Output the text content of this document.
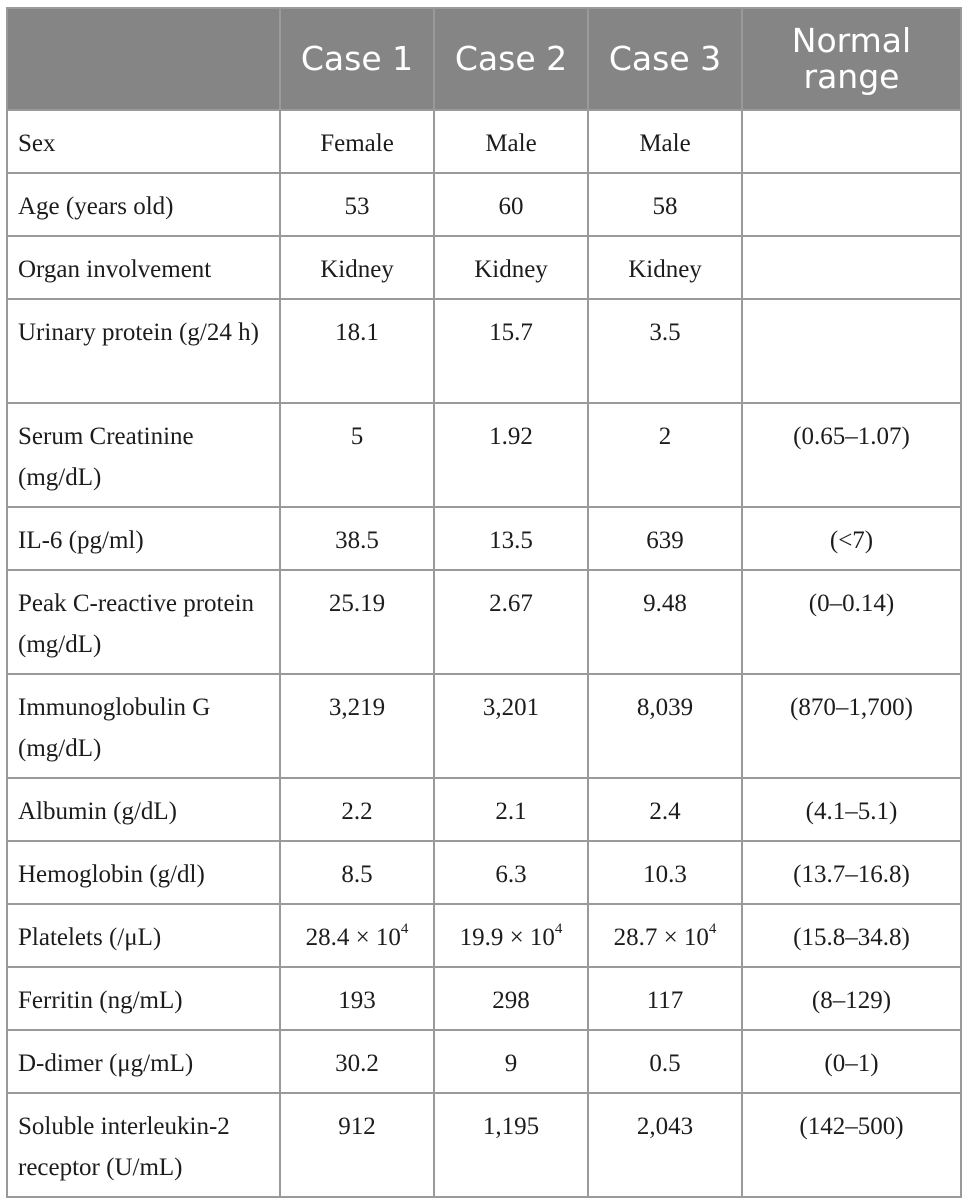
	Case 1	Case 2	Case 3	Normal range
Sex	Female	Male	Male	
Age (years old)	53	60	58	
Organ involvement	Kidney	Kidney	Kidney	
Urinary protein (g/24 h)	18.1	15.7	3.5	
Serum Creatinine (mg/dL)	5	1.92	2	(0.65–1.07)
IL-6 (pg/ml)	38.5	13.5	639	(<7)
Peak C-reactive protein (mg/dL)	25.19	2.67	9.48	(0–0.14)
Immunoglobulin G (mg/dL)	3,219	3,201	8,039	(870–1,700)
Albumin (g/dL)	2.2	2.1	2.4	(4.1–5.1)
Hemoglobin (g/dl)	8.5	6.3	10.3	(13.7–16.8)
Platelets (/μL)	$28.4 \times 10^4$	$19.9 \times 10^4$	$28.7 \times 10^4$	(15.8–34.8)
Ferritin (ng/mL)	193	298	117	(8–129)
D-dimer (μg/mL)	30.2	9	0.5	(0–1)
Soluble interleukin-2 receptor (U/mL)	912	1,195	2,043	(142–500)
